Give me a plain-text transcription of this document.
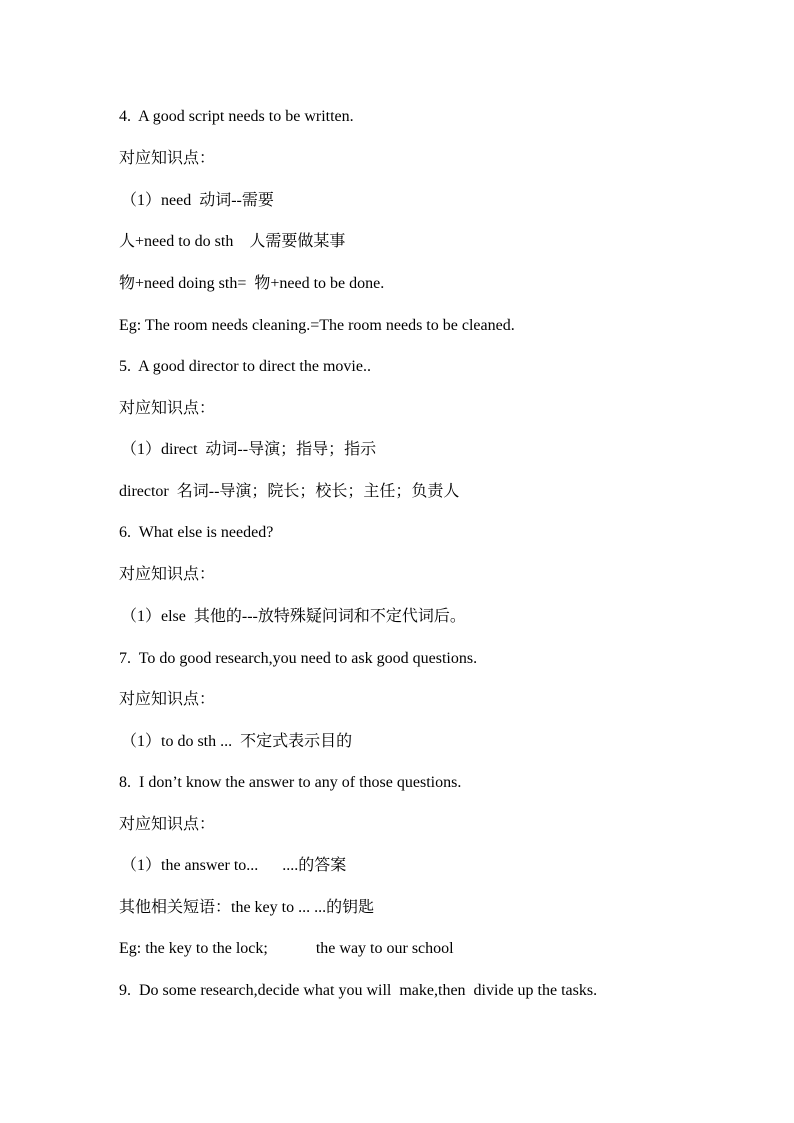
4.  A good script needs to be written.
对应知识点：
（1）need  动词--需要
人+need to do sth    人需要做某事
物+need doing sth=  物+need to be done.
Eg: The room needs cleaning.=The room needs to be cleaned.
5.  A good director to direct the movie..
对应知识点：
（1）direct  动词--导演；指导；指示
director  名词--导演；院长；校长；主任；负责人
6.  What else is needed?
对应知识点：
（1）else  其他的---放特殊疑问词和不定代词后。
7.  To do good research,you need to ask good questions.
对应知识点：
（1）to do sth ...  不定式表示目的
8.  I don’t know the answer to any of those questions.
对应知识点：
（1）the answer to...      ....的答案
其他相关短语：the key to ... ...的钥匙
Eg: the key to the lock;            the way to our school
9.  Do some research,decide what you will  make,then  divide up the tasks.
